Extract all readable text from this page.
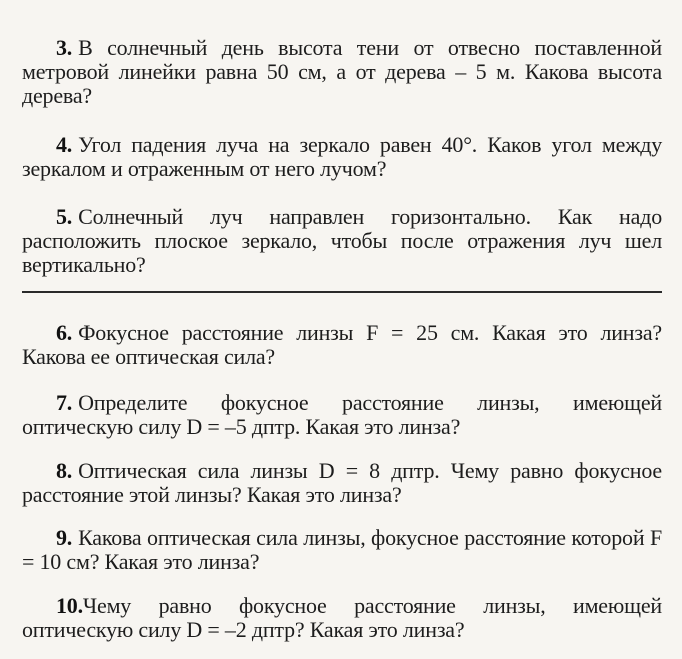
3. В солнечный день высота тени от отвесно поставленной метровой линейки равна 50 см, а от дерева – 5 м. Какова высота дерева?
4. Угол падения луча на зеркало равен 40°. Каков угол между зеркалом и отраженным от него лучом?
5. Солнечный луч направлен горизонтально. Как надо расположить плоское зеркало, чтобы после отражения луч шел вертикально?
6. Фокусное расстояние линзы F = 25 см. Какая это линза? Какова ее оптическая сила?
7. Определите фокусное расстояние линзы, имеющей оптическую силу D = –5 дптр. Какая это линза?
8. Оптическая сила линзы D = 8 дптр. Чему равно фокусное расстояние этой линзы? Какая это линза?
9. Какова оптическая сила линзы, фокусное расстояние которой F = 10 см? Какая это линза?
10.Чему равно фокусное расстояние линзы, имеющей оптическую силу D = –2 дптр? Какая это линза?
